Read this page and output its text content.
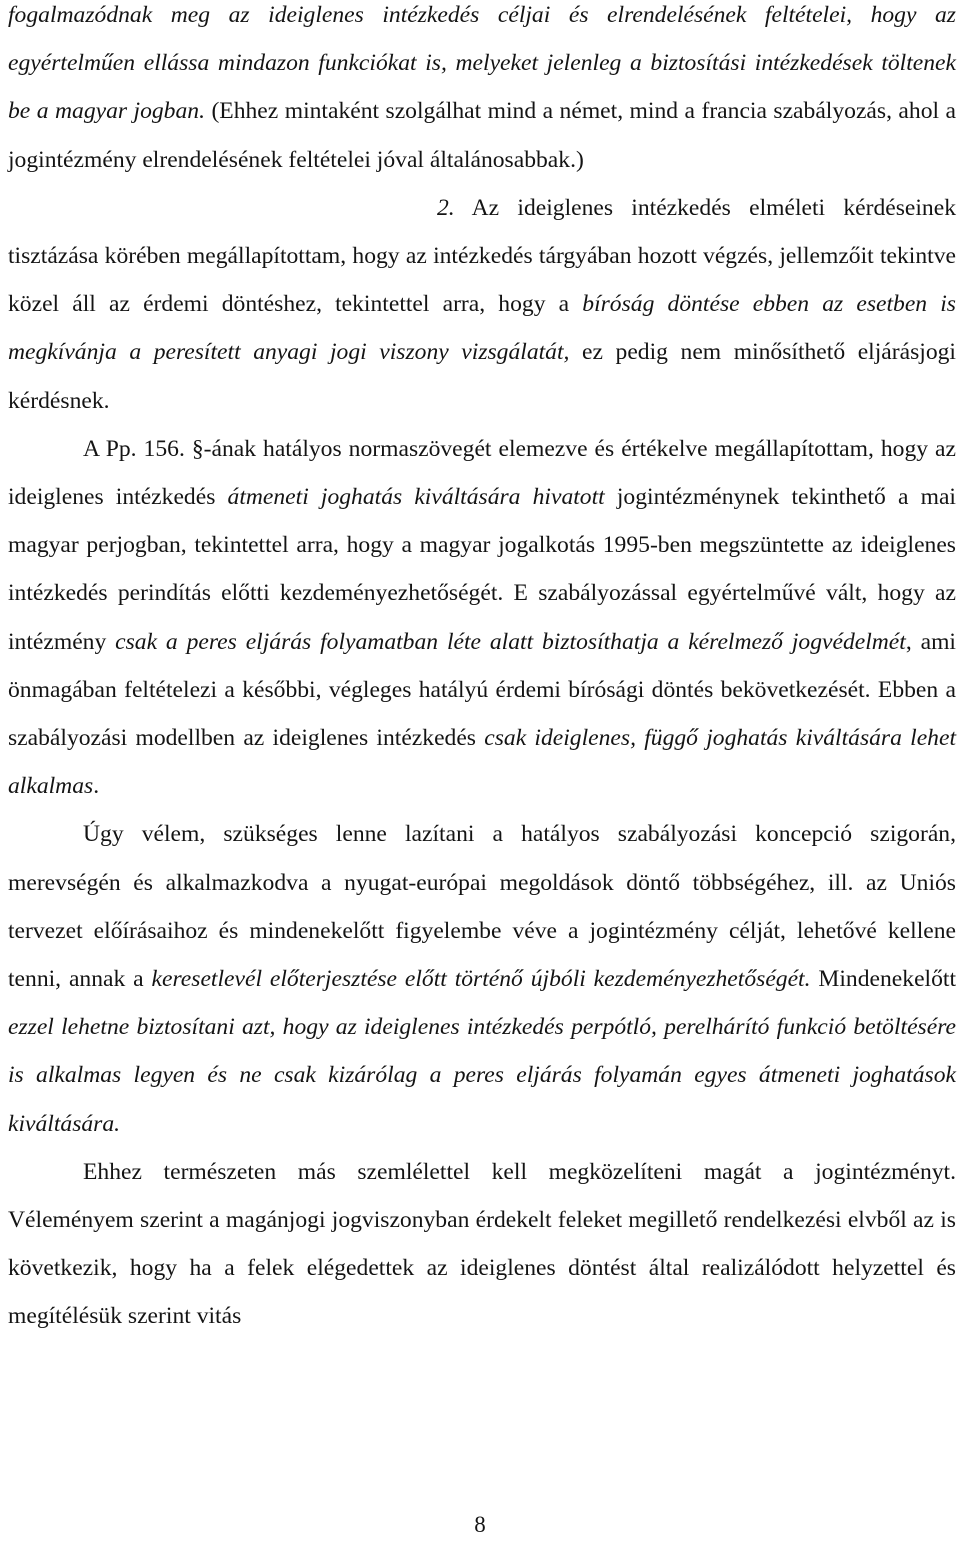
fogalmazódnak meg az ideiglenes intézkedés céljai és elrendelésének feltételei, hogy az egyértelműen ellássa mindazon funkciókat is, melyeket jelenleg a biztosítási intézkedések töltenek be a magyar jogban. (Ehhez mintaként szolgálhat mind a német, mind a francia szabályozás, ahol a jogintézmény elrendelésének feltételei jóval általánosabbak.)

2. Az ideiglenes intézkedés elméleti kérdéseinek tisztázása körében megállapítottam, hogy az intézkedés tárgyában hozott végzés, jellemzőit tekintve közel áll az érdemi döntéshez, tekintettel arra, hogy a bíróság döntése ebben az esetben is megkívánja a peresített anyagi jogi viszony vizsgálatát, ez pedig nem minősíthető eljárásjogi kérdésnek.

A Pp. 156. §-ának hatályos normaszövegét elemezve és értékelve megállapítottam, hogy az ideiglenes intézkedés átmeneti joghatás kiváltására hivatott jogintézménynek tekinthető a mai magyar perjogban, tekintettel arra, hogy a magyar jogalkotás 1995-ben megszüntette az ideiglenes intézkedés perindítás előtti kezdeményezhetőségét. E szabályozással egyértelművé vált, hogy az intézmény csak a peres eljárás folyamatban léte alatt biztosíthatja a kérelmező jogvédelmét, ami önmagában feltételezi a későbbi, végleges hatályú érdemi bírósági döntés bekövetkezését. Ebben a szabályozási modellben az ideiglenes intézkedés csak ideiglenes, függő joghatás kiváltására lehet alkalmas.

Úgy vélem, szükséges lenne lazítani a hatályos szabályozási koncepció szigorán, merevségén és alkalmazkodva a nyugat-európai megoldások döntő többségéhez, ill. az Uniós tervezet előírásaihoz és mindenekelőtt figyelembe véve a jogintézmény célját, lehetővé kellene tenni, annak a keresetlevél előterjesztése előtt történő újbóli kezdeményezhetőségét. Mindenekelőtt ezzel lehetne biztosítani azt, hogy az ideiglenes intézkedés perpótló, perelhárító funkció betöltésére is alkalmas legyen és ne csak kizárólag a peres eljárás folyamán egyes átmeneti joghatások kiváltására.

Ehhez természeten más szemlélettel kell megközelíteni magát a jogintézményt. Véleményem szerint a magánjogi jogviszonyban érdekelt feleket megillető rendelkezési elvből az is következik, hogy ha a felek elégedettek az ideiglenes döntést által realizálódott helyzettel és megítélésük szerint vitás

8
